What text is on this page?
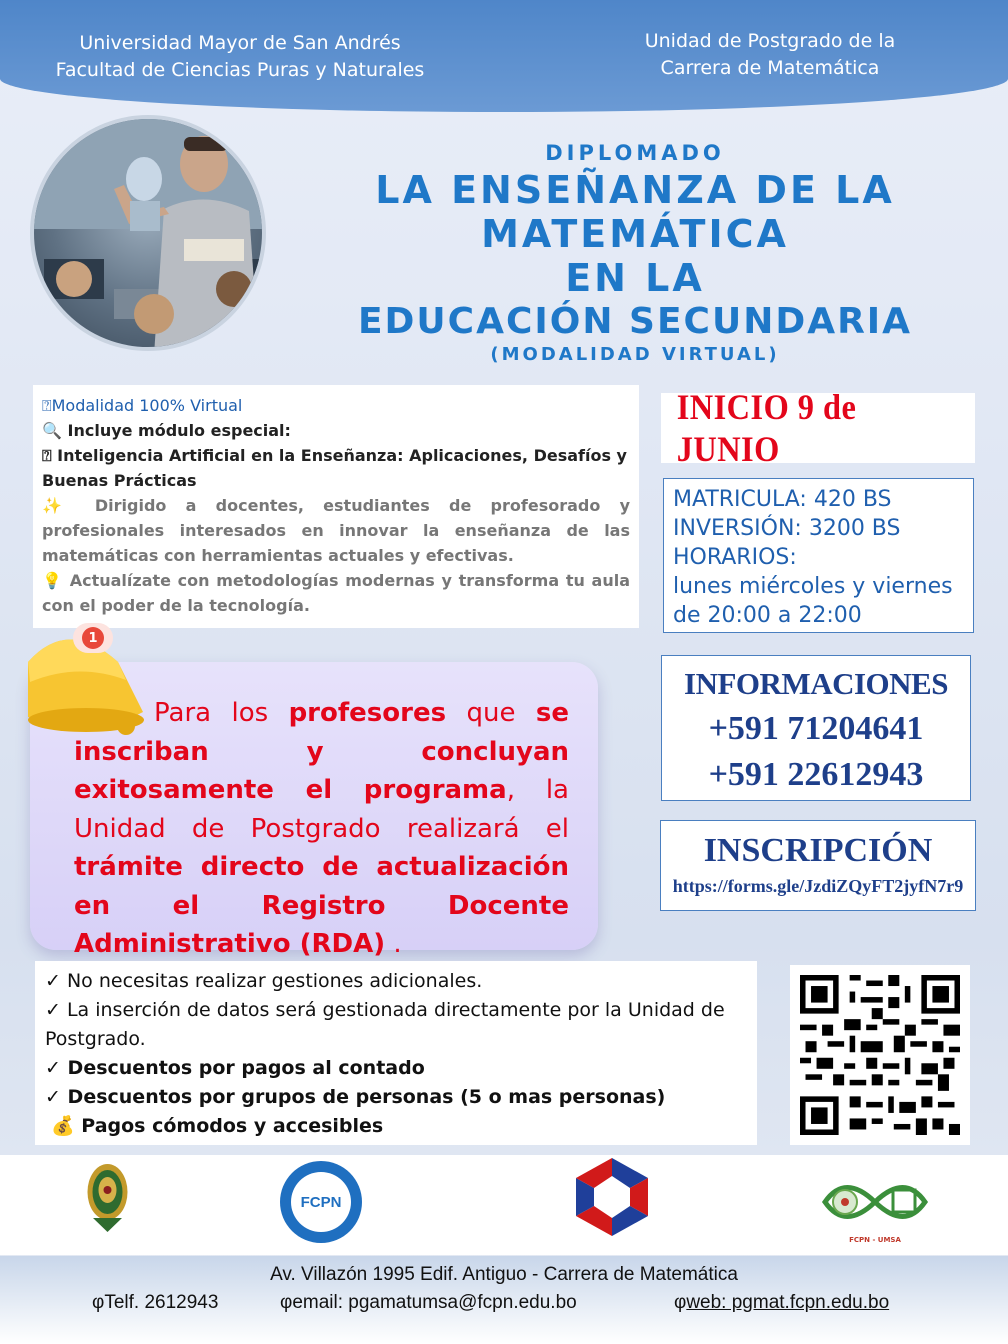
Universidad Mayor de San Andrés
Facultad de Ciencias Puras y Naturales
Unidad de Postgrado de la
Carrera de Matemática
DIPLOMADO
LA ENSEÑANZA DE LA
MATEMÁTICA
EN LA
EDUCACIÓN SECUNDARIA
(MODALIDAD VIRTUAL)
⍰Modalidad 100% Virtual
🔍 Incluye módulo especial:
⍰ Inteligencia Artificial en la Enseñanza: Aplicaciones, Desafíos y Buenas Prácticas
✨ Dirigido a docentes, estudiantes de profesorado y profesionales interesados en innovar la enseñanza de las matemáticas con herramientas actuales y efectivas.
💡 Actualízate con metodologías modernas y transforma tu aula con el poder de la tecnología.
INICIO 9 de JUNIO
MATRICULA: 420 BS
INVERSIÓN: 3200 BS
HORARIOS:
lunes miércoles y viernes
de 20:00 a 22:00
INFORMACIONES
+591 71204641
+591 22612943
INSCRIPCIÓN
https://forms.gle/JzdiZQyFT2jyfN7r9
Para los profesores que se inscriban y concluyan exitosamente el programa, la Unidad de Postgrado realizará el trámite directo de actualización en el Registro Docente Administrativo (RDA) .
1
✓ No necesitas realizar gestiones adicionales.
✓ La inserción de datos será gestionada directamente por la Unidad de Postgrado.
✓ Descuentos por pagos al contado
✓ Descuentos por grupos de personas (5 o mas personas)
💰 Pagos cómodos y accesibles
FCPN
FCPN - UMSA
Av. Villazón 1995 Edif. Antiguo - Carrera de Matemática
φTelf. 2612943	φemail: pgamatumsa@fcpn.edu.bo	φweb: pgmat.fcpn.edu.bo
